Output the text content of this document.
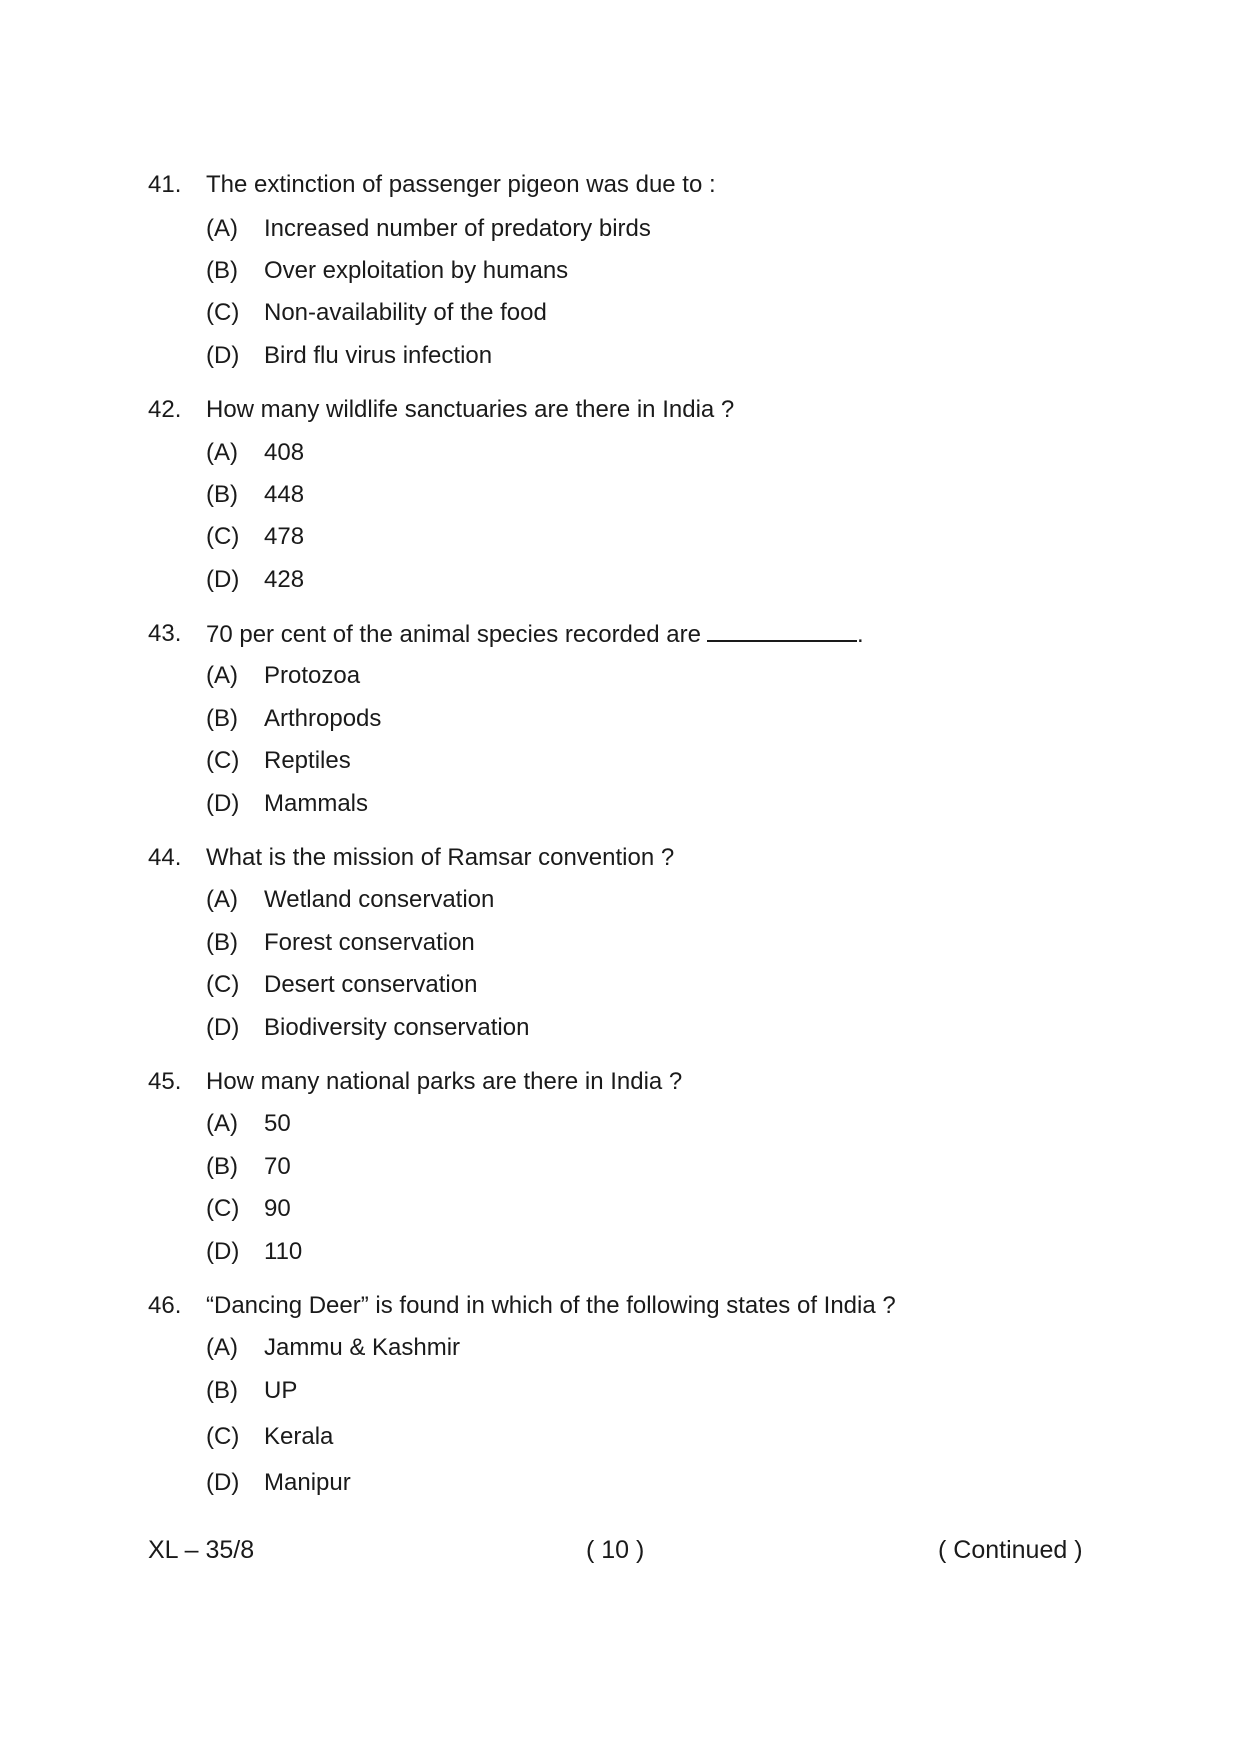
41. The extinction of passenger pigeon was due to :
(A) Increased number of predatory birds
(B) Over exploitation by humans
(C) Non-availability of the food
(D) Bird flu virus infection
42. How many wildlife sanctuaries are there in India ?
(A) 408
(B) 448
(C) 478
(D) 428
43. 70 per cent of the animal species recorded are	.
(A) Protozoa
(B) Arthropods
(C) Reptiles
(D) Mammals
44. What is the mission of Ramsar convention ?
(A) Wetland conservation
(B) Forest conservation
(C) Desert conservation
(D) Biodiversity conservation
45. How many national parks are there in India ?
(A) 50
(B) 70
(C) 90
(D) 110
46. “Dancing Deer” is found in which of the following states of India ?
(A) Jammu & Kashmir
(B) UP
(C) Kerala
(D) Manipur
XL – 35/8	( 10 )	( Continued )
